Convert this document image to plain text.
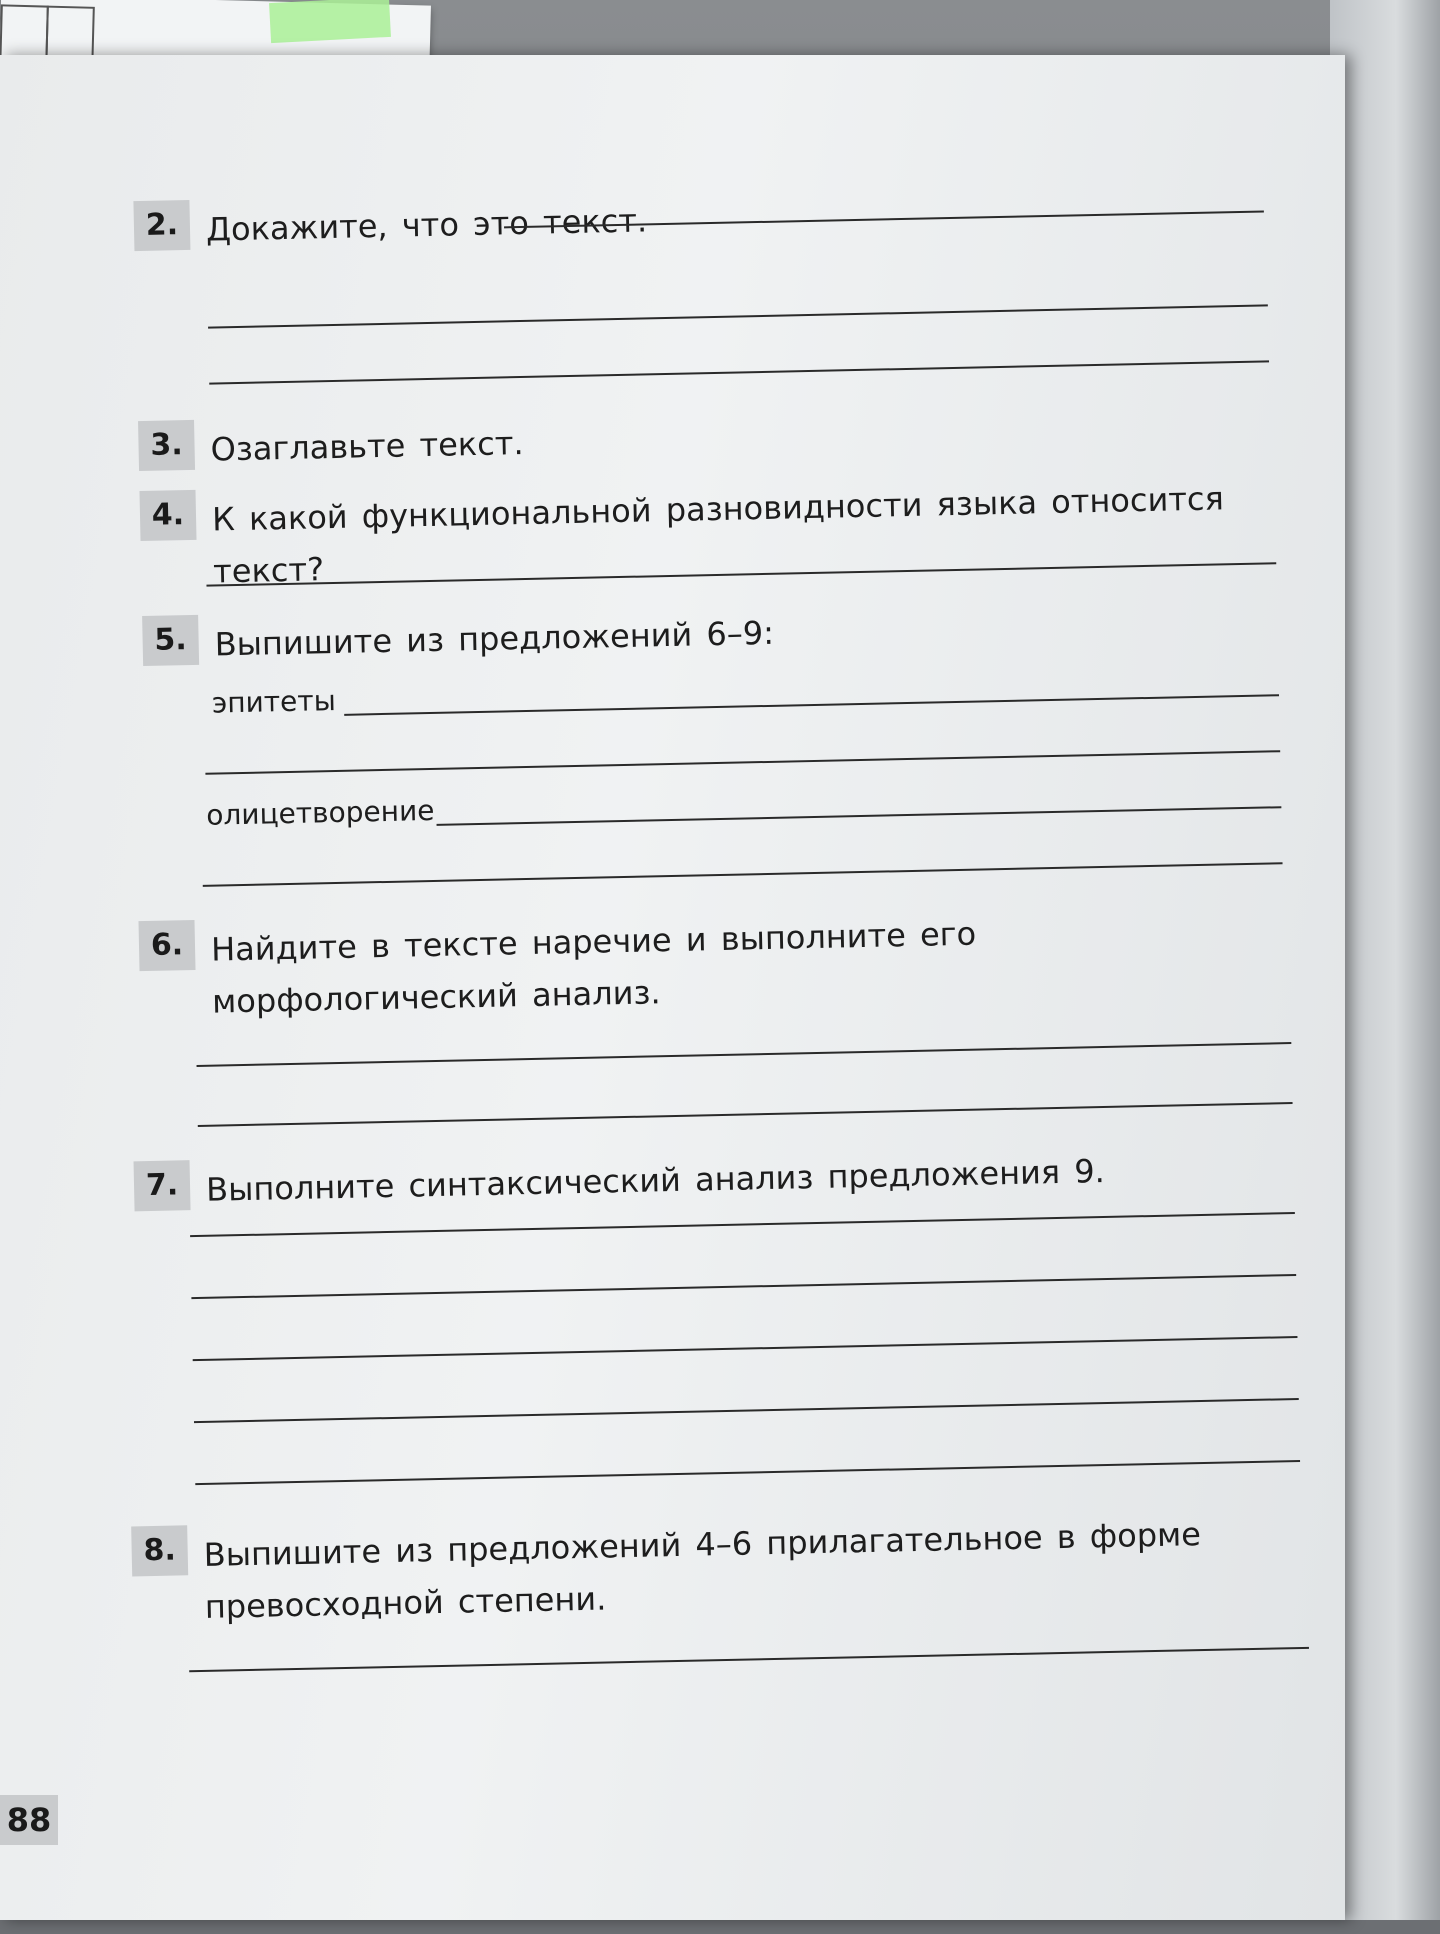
2. Докажите, что это текст.
3. Озаглавьте текст.
4. К какой функциональной разновидности языка относится текст?
5. Выпишите из предложений 6–9:
эпитеты
олицетворение
6. Найдите в тексте наречие и выполните его морфологический анализ.
7. Выполните синтаксический анализ предложения 9.
8. Выпишите из предложений 4–6 прилагательное в форме превосходной степени.
88
